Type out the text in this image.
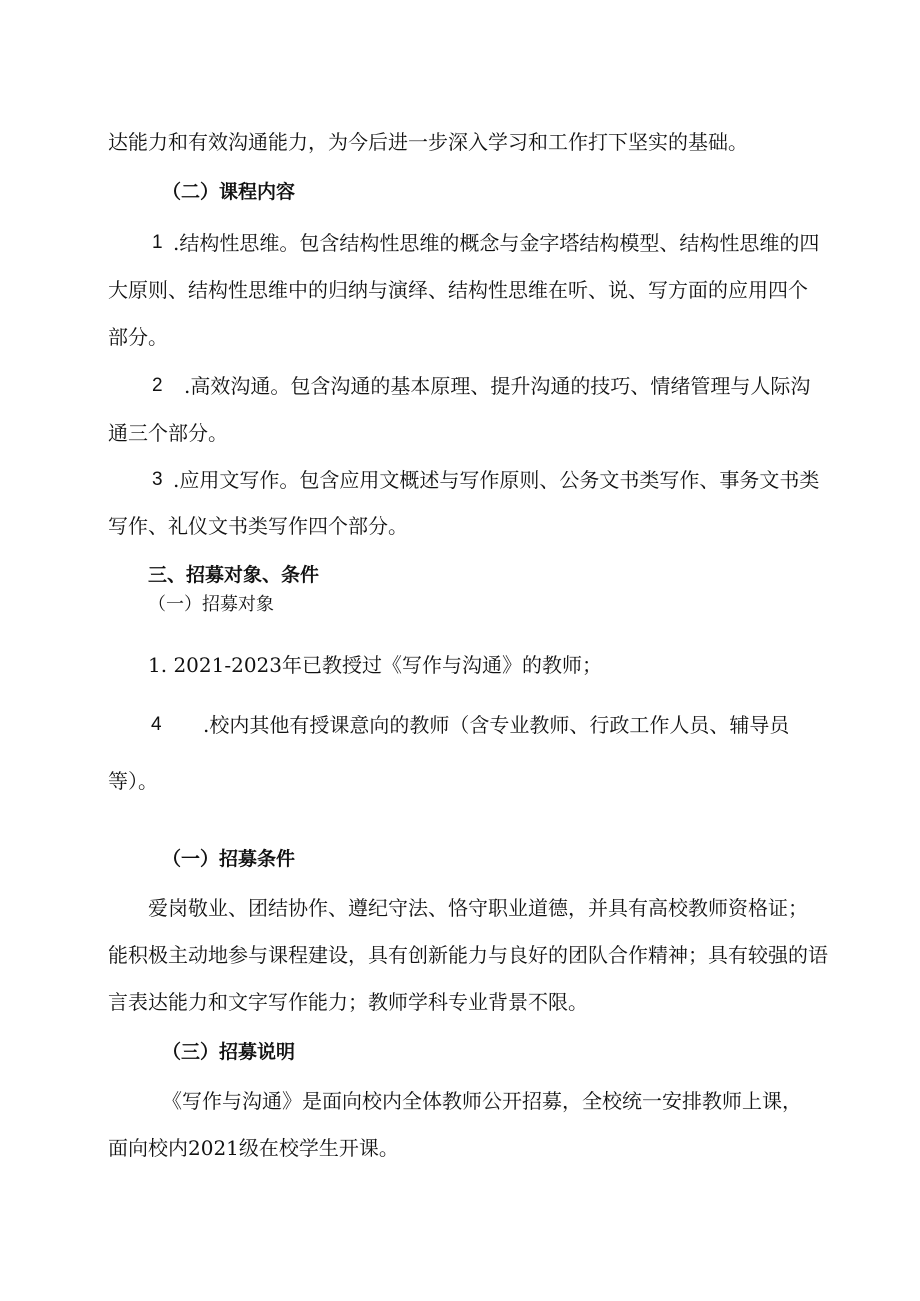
达能力和有效沟通能力，为今后进一步深入学习和工作打下坚实的基础。
（二）课程内容
1 .结构性思维。包含结构性思维的概念与金字塔结构模型、结构性思维的四
大原则、结构性思维中的归纳与演绎、结构性思维在听、说、写方面的应用四个
部分。
2 .高效沟通。包含沟通的基本原理、提升沟通的技巧、情绪管理与人际沟
通三个部分。
3 .应用文写作。包含应用文概述与写作原则、公务文书类写作、事务文书类
写作、礼仪文书类写作四个部分。
三、招募对象、条件
（一）招募对象
1. 2021-2023年已教授过《写作与沟通》的教师；
4 .校内其他有授课意向的教师（含专业教师、行政工作人员、辅导员
等）。
（一）招募条件
爱岗敬业、团结协作、遵纪守法、恪守职业道德，并具有高校教师资格证；
能积极主动地参与课程建设，具有创新能力与良好的团队合作精神；具有较强的语
言表达能力和文字写作能力；教师学科专业背景不限。
（三）招募说明
《写作与沟通》是面向校内全体教师公开招募，全校统一安排教师上课，
面向校内2021级在校学生开课。
